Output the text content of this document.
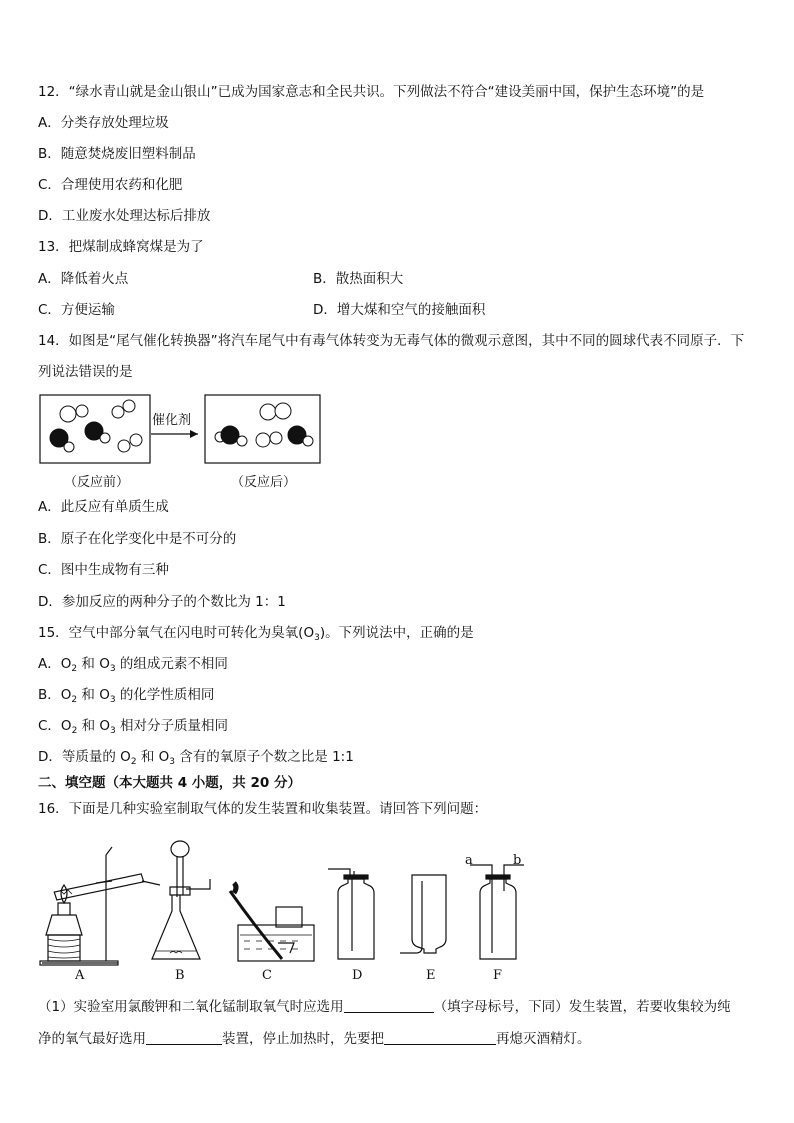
12．“绿水青山就是金山银山”已成为国家意志和全民共识。下列做法不符合“建设美丽中国，保护生态环境”的是
A．分类存放处理垃圾
B．随意焚烧废旧塑料制品
C．合理使用农药和化肥
D．工业废水处理达标后排放
13．把煤制成蜂窝煤是为了
A．降低着火点	B．散热面积大
C．方便运输	D．增大煤和空气的接触面积
14．如图是“尾气催化转换器”将汽车尾气中有毒气体转变为无毒气体的微观示意图，其中不同的圆球代表不同原子．下
列说法错误的是
催化剂
（反应前）	（反应后）
A．此反应有单质生成
B．原子在化学变化中是不可分的
C．图中生成物有三种
D．参加反应的两种分子的个数比为 1：1
15．空气中部分氧气在闪电时可转化为臭氧$(O_3)$。下列说法中，正确的是
A．$O_2$ 和 $O_3$ 的组成元素不相同
B．$O_2$ 和 $O_3$ 的化学性质相同
C．$O_2$ 和 $O_3$ 相对分子质量相同
D．等质量的 $O_2$ 和 $O_3$ 含有的氧原子个数之比是 1:1
二、填空题（本大题共 4 小题，共 20 分）
16．下面是几种实验室制取气体的发生装置和收集装置。请回答下列问题：
A	B	C	D	E	F
a	b
（1）实验室用氯酸钾和二氧化锰制取氧气时应选用	（填字母标号，下同）发生装置，若要收集较为纯
净的氧气最好选用	装置，停止加热时，先要把	再熄灭酒精灯。
